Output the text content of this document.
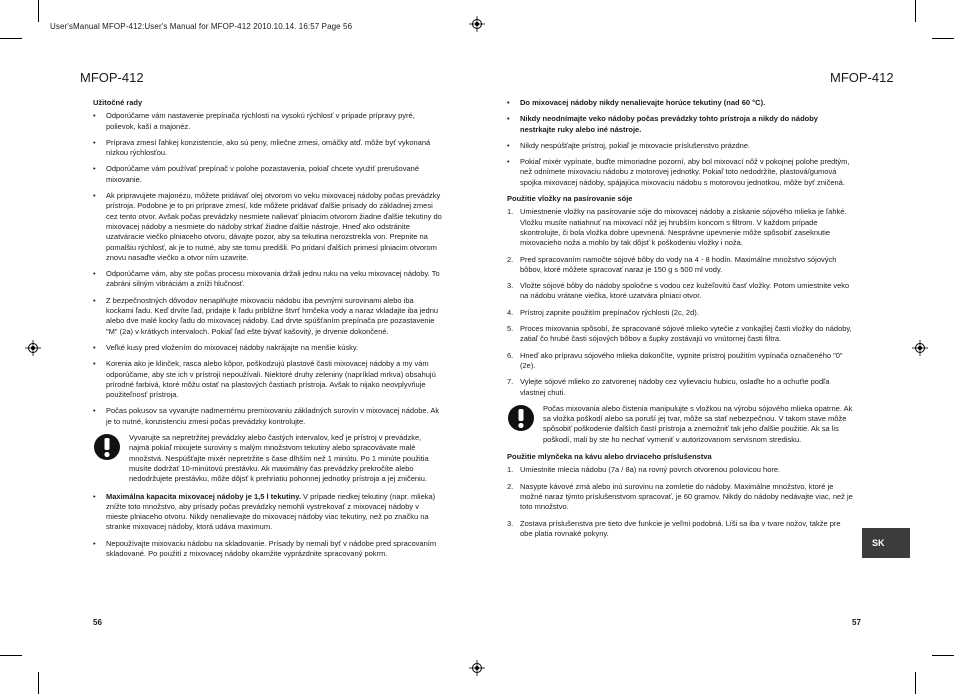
User'sManual MFOP-412:User's Manual for MFOP-412 2010.10.14. 16:57 Page 56
MFOP-412	MFOP-412

Užitočné rady

• Odporúčame vám nastavenie prepínača rýchlosti na vysokú rýchlosť v prípade prípravy pyré, polievok, kaší a majonéz.
• Príprava zmesí ľahkej konzistencie, ako sú peny, mliečne zmesi, omáčky atď. môže byť vykonaná nízkou rýchlosťou.
• Odporúčame vám používať prepínač v polohe pozastavenia, pokiaľ chcete využiť prerušované mixovanie.
• Ak pripravujete majonézu, môžete pridávať olej otvorom vo veku mixovacej nádoby počas prevádzky prístroja. Podobne je to pri príprave zmesí, kde môžete pridávať ďalšie prísady do základnej zmesi cez tento otvor. Avšak počas prevádzky nesmiete nalievať plniacim otvorom žiadne ďalšie tekutiny do mixovacej nádoby a nesmiete do nádoby strkať žiadne ďalšie nástroje. Hneď ako odstránite uzatváracie viečko plniaceho otvoru, dávajte pozor, aby sa tekutina nerozstrekla von. Prepnite na pomalšiu rýchlosť, ak je to nutné, aby ste tomu predišli. Po pridaní ďalších primesí plniacim otvorom znovu nasaďte viečko a otvor ním uzavrite.
• Odporúčame vám, aby ste počas procesu mixovania držali jednu ruku na veku mixovacej nádoby. To zabráni silným vibráciám a zníži hlučnosť.
• Z bezpečnostných dôvodov nenaplňujte mixovaciu nádobu iba pevnými surovinami alebo iba kockami ľadu. Keď drvíte ľad, pridajte k ľadu približne štvrť hrnčeka vody a naraz vkladajte iba jednu alebo dve malé kocky ľadu do mixovacej nádoby. Ľad drvte spúšťaním prepínača pre pozastavenie "M" (2a) v krátkych intervaloch. Pokiaľ ľad ešte bývať kašovitý, je drvenie dokončené.
• Veľké kusy pred vložením do mixovacej nádoby nakrájajte na menšie kúsky.
• Korenia ako je klinček, rasca alebo kôpor, poškodzujú plastové časti mixovacej nádoby a my vám odporúčame, aby ste ich v prístroji nepoužívali. Niektoré druhy zeleniny (napríklad mrkva) obsahujú prírodné farbivá, ktoré môžu ostať na plastových častiach prístroja. Avšak to nijako neovplyvňuje použiteľnosť prístroja.
• Počas pokusov sa vyvarujte nadmernému premixovaniu základných surovín v mixovacej nádobe. Ak je to nutné, konzistenciu zmesi počas prevádzky kontrolujte.
Vyvarujte sa nepretržitej prevádzky alebo častých intervalov, keď je prístroj v prevádzke, najmä pokiaľ mixujete suroviny s malým množstvom tekutiny alebo spracovávate malé množstvá. Nespúšťajte mixér nepretržite s čase dlhším než 1 minútu. Po 1 minúte použitia musíte dodržať 10-minútovú prestávku. Ak maximálny čas prevádzky prekročíte alebo nedodržujete prestávku, môže dôjsť k prehriatiu pohonnej jednotky prístroja a jej zničeniu.
• Maximálna kapacita mixovacej nádoby je 1,5 l tekutiny. V prípade riedkej tekutiny (napr. mlieka) znížte toto množstvo, aby prísady počas prevádzky nemohli vystrekovať z mixovacej nádoby v mieste plniaceho otvoru. Nikdy nenalievajte do mixovacej nádoby viac tekutiny, než po značku na stranke mixovacej nádoby, ktorá udáva maximum.
• Nepoužívajte mixovaciu nádobu na skladovanie. Prísady by nemali byť v nádobe pred spracovaním skladované. Po použití z mixovacej nádoby okamžite vyprázdnite spracovaný pokrm.
56
• Do mixovacej nádoby nikdy nenalievajte horúce tekutiny (nad 60 °C).
• Nikdy neodnímajte veko nádoby počas prevádzky tohto prístroja a nikdy do nádoby nestrkajte ruky alebo iné nástroje.
• Nikdy nespúšťajte prístroj, pokiaľ je mixovacie príslušenstvo prázdne.
• Pokiaľ mixér vypínate, buďte mimoriadne pozorní, aby bol mixovací nôž v pokojnej polohe predtým, než odnímete mixovaciu nádobu z motorovej jednotky. Pokiaľ toto nedodržíte, plastová/gumová spojka mixovacej nádoby, spájajúca mixovaciu nádobu s motorovou jednotkou, môže byť zničená.

Použitie vložky na pasírovanie sóje

1. Umiestnenie vložky na pasírovanie sóje do mixovacej nádoby a získanie sójového mlieka je ľahké. Vložku musíte natiahnuť na mixovací nôž jej hrubším koncom s filtrom. V každom prípade skontrolujte, či bola vložka dobre upevnená. Nesprávne upevnenie môže spôsobiť zaseknutie mixovacieho noža a mohlo by tak dôjsť k poškodeniu vložky i noža.
2. Pred spracovaním namočte sójové bôby do vody na 4 - 8 hodín. Maximálne množstvo sójových bôbov, ktoré môžete spracovať naraz je 150 g s 500 ml vody.
3. Vložte sójové bôby do nádoby spoločne s vodou cez kužeľovitú časť vložky. Potom umiestnite veko na nádobu vrátane viečka, ktoré uzatvára plniaci otvor.
4. Prístroj zapnite použitím prepínačov rýchlosti (2c, 2d).
5. Proces mixovania spôsobí, že spracované sójové mlieko vytečie z vonkajšej časti vložky do nádoby, zatiaľ čo hrubé časti sójových bôbov a šupky zostávajú vo vnútornej časti filtra.
6. Hneď ako prípravu sójového mlieka dokončíte, vypnite prístroj použitím vypínača označeného "0" (2e).
7. Vylejte sójové mlieko zo zatvorenej nádoby cez vylievaciu hubicu, oslaďte ho a ochuťte podľa vlastnej chuti.
Počas mixovania alebo čistenia manipulujte s vložkou na výrobu sójového mlieka opatrne. Ak sa vložka poškodí alebo sa poruší jej tvar, môže sa stať nebezpečnou. V takom stave môže spôsobiť poškodenie ďalších častí prístroja a znemožniť tak jeho ďalšie použitie. Ak sa lis poškodí, mali by ste ho nechať vymeniť v autorizovanom servisnom stredisku.

Použitie mlynčeka na kávu alebo drviaceho príslušenstva

1. Umiestnite mlecia nádobu (7a / 8a) na rovný povrch otvorenou polovicou hore.
2. Nasypte kávové zrná alebo inú surovinu na zomletie do nádoby. Maximálne množstvo, ktoré je možné naraz týmto príslušenstvom spracovať, je 60 gramov. Nikdy do nádoby nedávajte viac, než je toto množstvo.
3. Zostava príslušenstva pre tieto dve funkcie je veľmi podobná. Líši sa iba v tvare nožov, takže pre obe platia rovnaké pokyny.
57
SK
